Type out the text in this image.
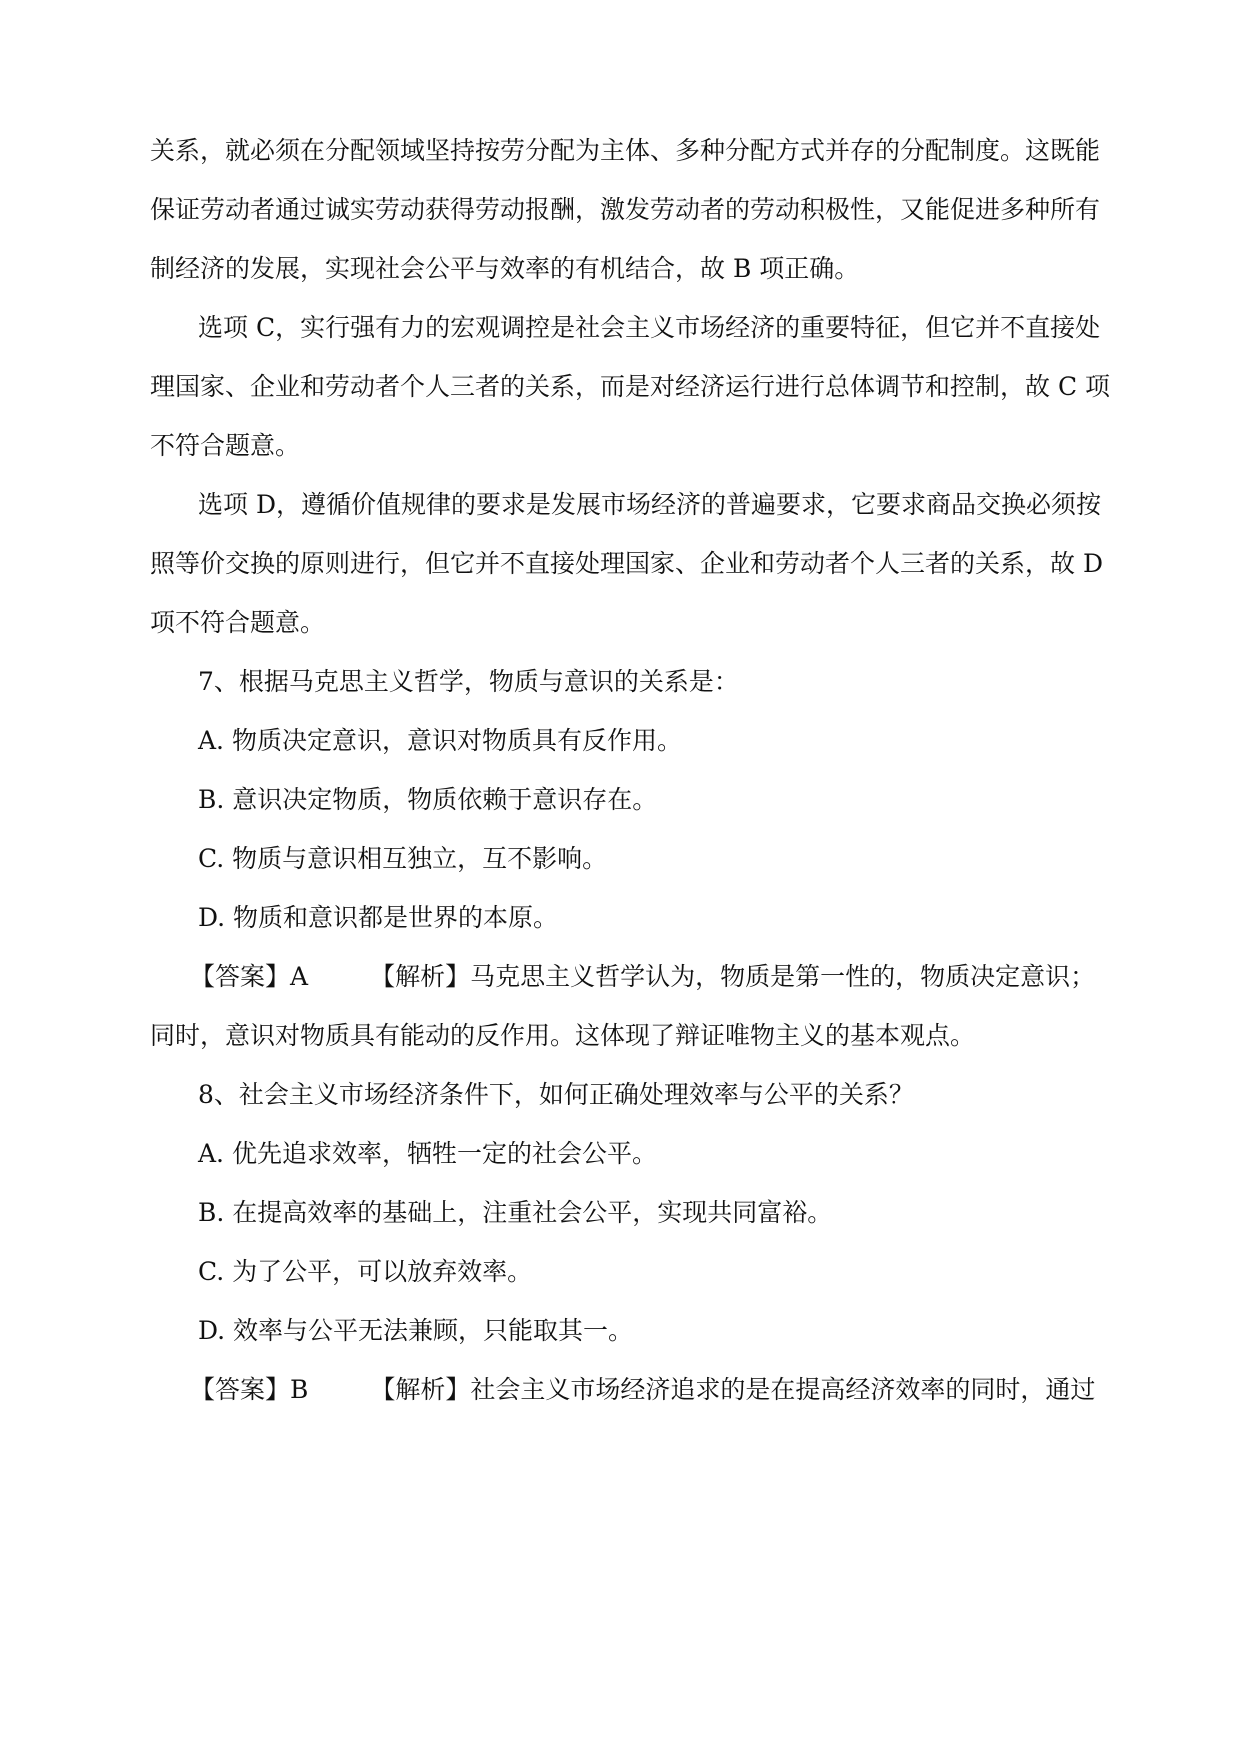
关系，就必须在分配领域坚持按劳分配为主体、多种分配方式并存的分配制度。这既能
保证劳动者通过诚实劳动获得劳动报酬，激发劳动者的劳动积极性，又能促进多种所有
制经济的发展，实现社会公平与效率的有机结合，故 B 项正确。
选项 C，实行强有力的宏观调控是社会主义市场经济的重要特征，但它并不直接处
理国家、企业和劳动者个人三者的关系，而是对经济运行进行总体调节和控制，故 C 项
不符合题意。
选项 D，遵循价值规律的要求是发展市场经济的普遍要求，它要求商品交换必须按
照等价交换的原则进行，但它并不直接处理国家、企业和劳动者个人三者的关系，故 D
项不符合题意。
7、根据马克思主义哲学，物质与意识的关系是：
A. 物质决定意识，意识对物质具有反作用。
B. 意识决定物质，物质依赖于意识存在。
C. 物质与意识相互独立，互不影响。
D. 物质和意识都是世界的本原。
【答案】A 【解析】马克思主义哲学认为，物质是第一性的，物质决定意识；
同时，意识对物质具有能动的反作用。这体现了辩证唯物主义的基本观点。
8、社会主义市场经济条件下，如何正确处理效率与公平的关系？
A. 优先追求效率，牺牲一定的社会公平。
B. 在提高效率的基础上，注重社会公平，实现共同富裕。
C. 为了公平，可以放弃效率。
D. 效率与公平无法兼顾，只能取其一。
【答案】B 【解析】社会主义市场经济追求的是在提高经济效率的同时，通过
